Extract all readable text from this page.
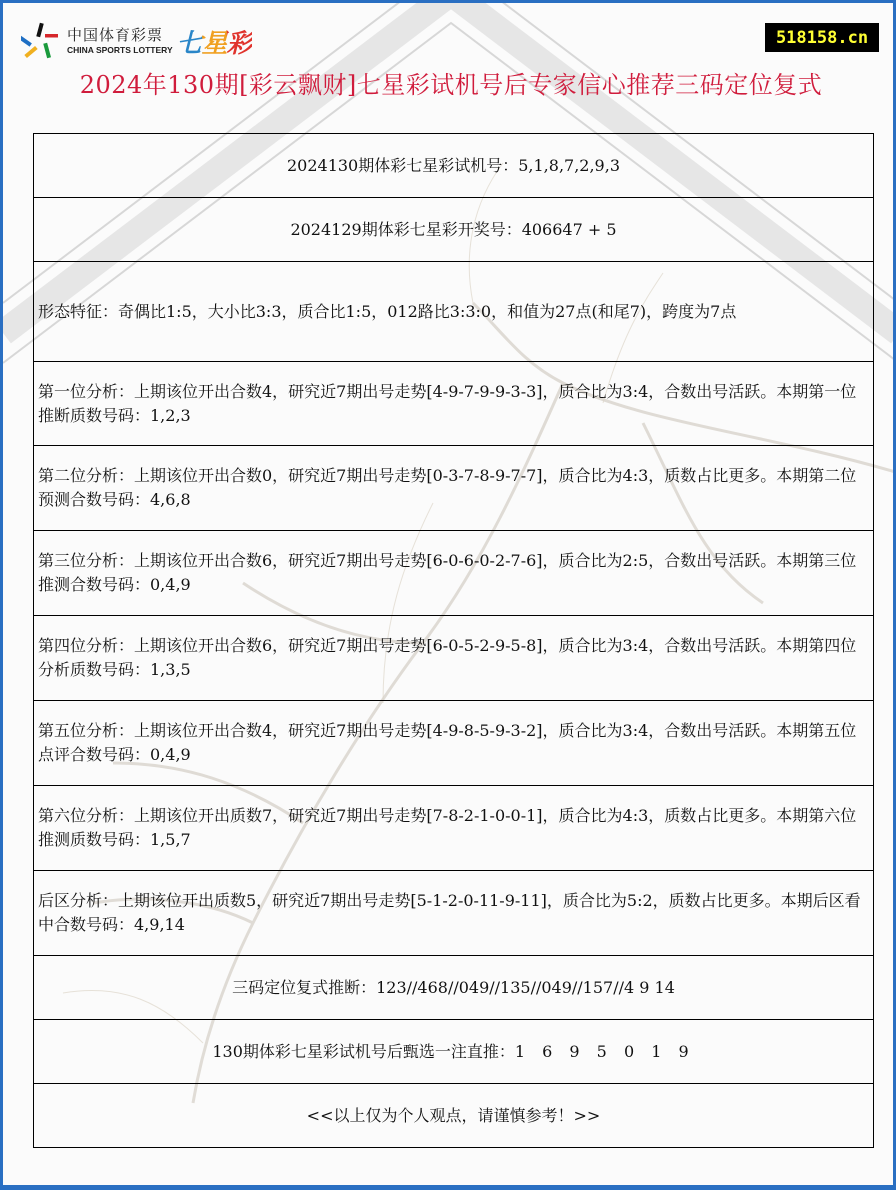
中国体育彩票
CHINA SPORTS LOTTERY 七星彩	518158.cn
2024年130期[彩云飘财]七星彩试机号后专家信心推荐三码定位复式
2024130期体彩七星彩试机号：5,1,8,7,2,9,3
2024129期体彩七星彩开奖号：406647 + 5
形态特征：奇偶比1:5，大小比3:3，质合比1:5，012路比3:3:0，和值为27点(和尾7)，跨度为7点
第一位分析：上期该位开出合数4，研究近7期出号走势[4-9-7-9-9-3-3]，质合比为3:4，合数出号活跃。本期第一位推断质数号码：1,2,3
第二位分析：上期该位开出合数0，研究近7期出号走势[0-3-7-8-9-7-7]，质合比为4:3，质数占比更多。本期第二位预测合数号码：4,6,8
第三位分析：上期该位开出合数6，研究近7期出号走势[6-0-6-0-2-7-6]，质合比为2:5，合数出号活跃。本期第三位推测合数号码：0,4,9
第四位分析：上期该位开出合数6，研究近7期出号走势[6-0-5-2-9-5-8]，质合比为3:4，合数出号活跃。本期第四位分析质数号码：1,3,5
第五位分析：上期该位开出合数4，研究近7期出号走势[4-9-8-5-9-3-2]，质合比为3:4，合数出号活跃。本期第五位点评合数号码：0,4,9
第六位分析：上期该位开出质数7，研究近7期出号走势[7-8-2-1-0-0-1]，质合比为4:3，质数占比更多。本期第六位推测质数号码：1,5,7
后区分析：上期该位开出质数5，研究近7期出号走势[5-1-2-0-11-9-11]，质合比为5:2，质数占比更多。本期后区看中合数号码：4,9,14
三码定位复式推断：123//468//049//135//049//157//4 9 14
130期体彩七星彩试机号后甄选一注直推：1 6 9 5 0 1 9
<<以上仅为个人观点，请谨慎参考！>>
